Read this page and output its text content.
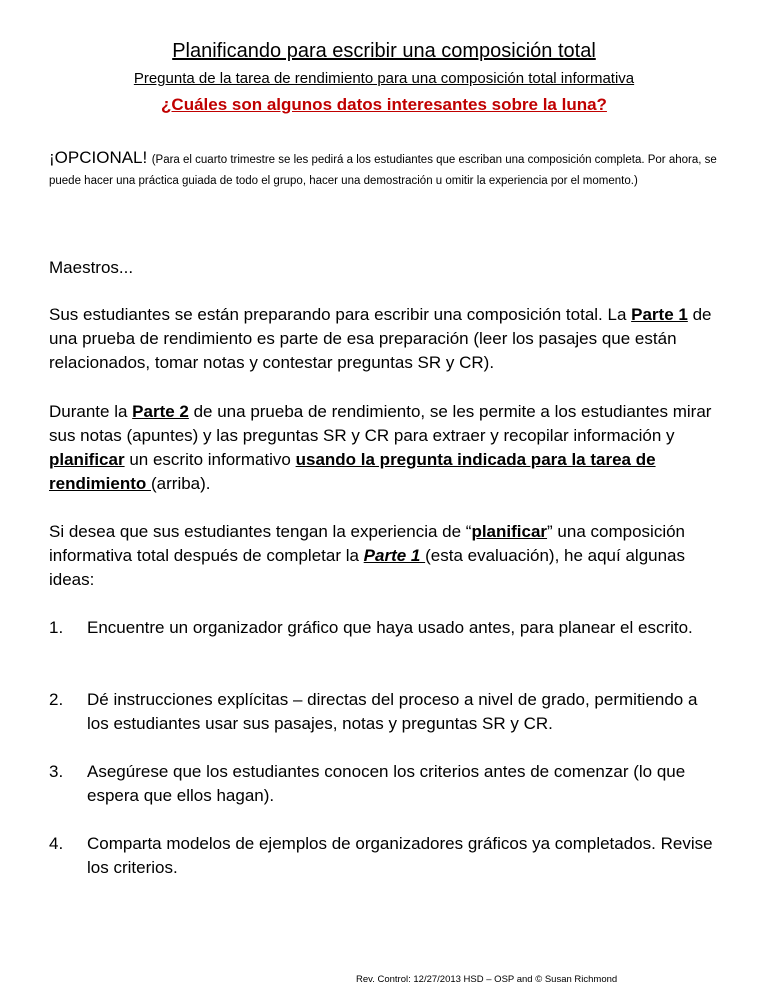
Planificando para escribir una composición total
Pregunta de la tarea de rendimiento para una composición total informativa
¿Cuáles son algunos datos interesantes sobre la luna?
¡OPCIONAL! (Para el cuarto trimestre se les pedirá a los estudiantes que escriban una composición completa. Por ahora, se puede hacer una práctica guiada de todo el grupo, hacer una demostración u omitir la experiencia por el momento.)
Maestros...
Sus estudiantes se están preparando para escribir una composición total. La Parte 1 de una prueba de rendimiento es parte de esa preparación (leer los pasajes que están relacionados, tomar notas y contestar preguntas SR y CR).
Durante la Parte 2 de una prueba de rendimiento, se les permite a los estudiantes mirar sus notas (apuntes) y las preguntas SR y CR para extraer y recopilar información y planificar un escrito informativo usando la pregunta indicada para la tarea de rendimiento (arriba).
Si desea que sus estudiantes tengan la experiencia de “planificar” una composición informativa total después de completar la Parte 1 (esta evaluación), he aquí algunas ideas:
1.	Encuentre un organizador gráfico que haya usado antes, para planear el escrito.
2.	Dé instrucciones explícitas – directas del proceso a nivel de grado, permitiendo a los estudiantes usar sus pasajes, notas y preguntas SR y CR.
3.	Asegúrese que los estudiantes conocen los criterios antes de comenzar (lo que espera que ellos hagan).
4.	Comparta modelos de ejemplos de organizadores gráficos ya completados. Revise los criterios.
Rev. Control: 12/27/2013 HSD – OSP and © Susan Richmond
